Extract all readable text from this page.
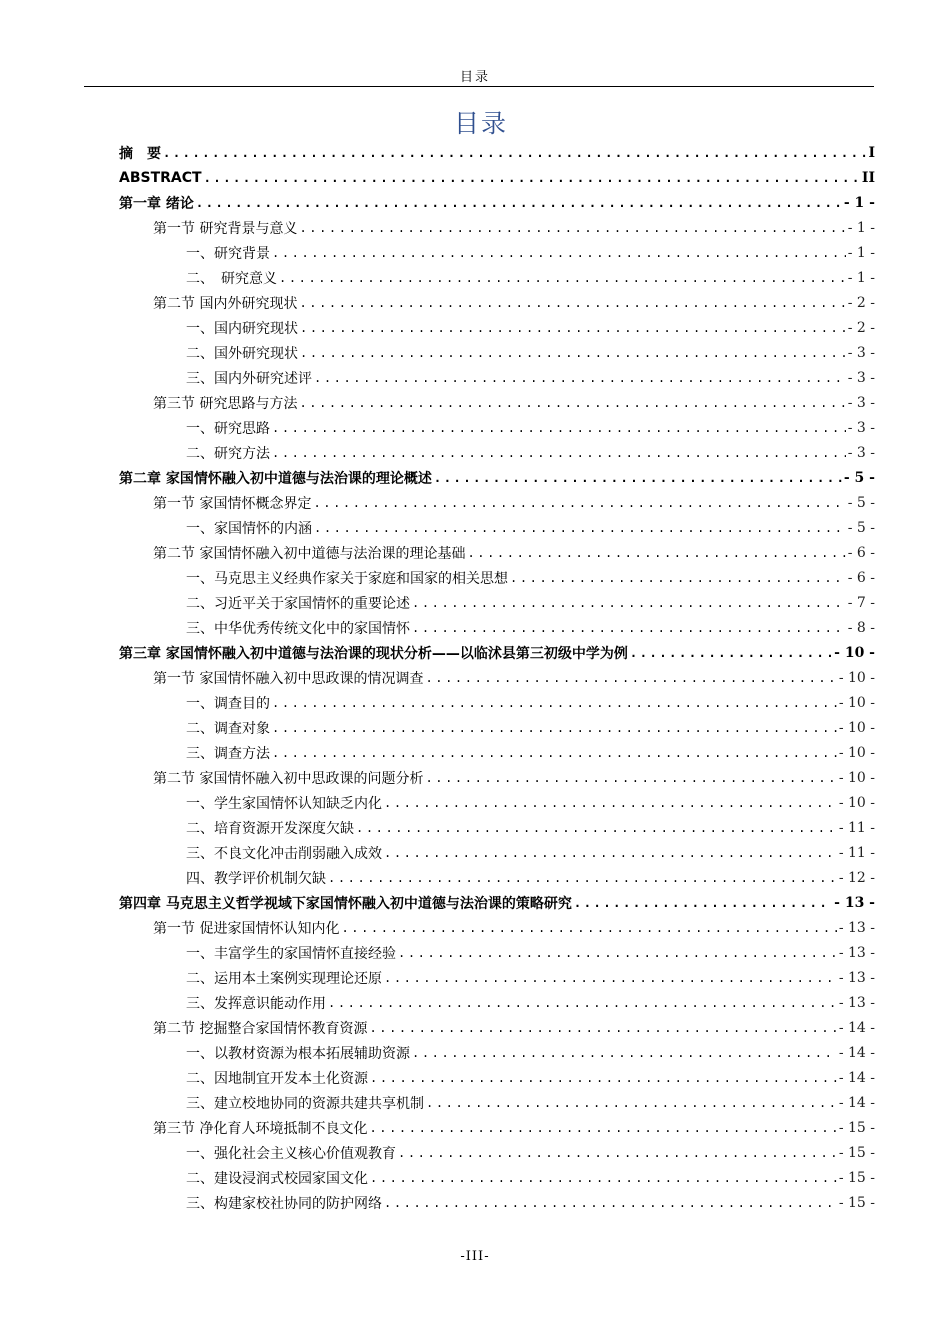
目录
目录
摘　要 .....	I
ABSTRACT .....	II
第一章 绪论 .....	- 1 -
第一节 研究背景与意义 .....	- 1 -
一、研究背景 .....	- 1 -
二、　研究意义 .....	- 1 -
第二节 国内外研究现状 .....	- 2 -
一、国内研究现状 .....	- 2 -
二、国外研究现状 .....	- 3 -
三、国内外研究述评 .....	- 3 -
第三节 研究思路与方法 .....	- 3 -
一、研究思路 .....	- 3 -
二、研究方法 .....	- 3 -
第二章 家国情怀融入初中道德与法治课的理论概述 .....	- 5 -
第一节 家国情怀概念界定 .....	- 5 -
一、家国情怀的内涵 .....	- 5 -
第二节 家国情怀融入初中道德与法治课的理论基础 .....	- 6 -
一、马克思主义经典作家关于家庭和国家的相关思想 .....	- 6 -
二、习近平关于家国情怀的重要论述 .....	- 7 -
三、中华优秀传统文化中的家国情怀 .....	- 8 -
第三章 家国情怀融入初中道德与法治课的现状分析——以临沭县第三初级中学为例 .....	- 10 -
第一节 家国情怀融入初中思政课的情况调查 .....	- 10 -
一、调查目的 .....	- 10 -
二、调查对象 .....	- 10 -
三、调查方法 .....	- 10 -
第二节 家国情怀融入初中思政课的问题分析 .....	- 10 -
一、学生家国情怀认知缺乏内化 .....	- 10 -
二、培育资源开发深度欠缺 .....	- 11 -
三、不良文化冲击削弱融入成效 .....	- 11 -
四、教学评价机制欠缺 .....	- 12 -
第四章 马克思主义哲学视域下家国情怀融入初中道德与法治课的策略研究 .....	- 13 -
第一节 促进家国情怀认知内化 .....	- 13 -
一、丰富学生的家国情怀直接经验 .....	- 13 -
二、运用本土案例实现理论还原 .....	- 13 -
三、发挥意识能动作用 .....	- 13 -
第二节 挖掘整合家国情怀教育资源 .....	- 14 -
一、以教材资源为根本拓展辅助资源 .....	- 14 -
二、因地制宜开发本土化资源 .....	- 14 -
三、建立校地协同的资源共建共享机制 .....	- 14 -
第三节 净化育人环境抵制不良文化 .....	- 15 -
一、强化社会主义核心价值观教育 .....	- 15 -
二、建设浸润式校园家国文化 .....	- 15 -
三、构建家校社协同的防护网络 .....	- 15 -
-III-
